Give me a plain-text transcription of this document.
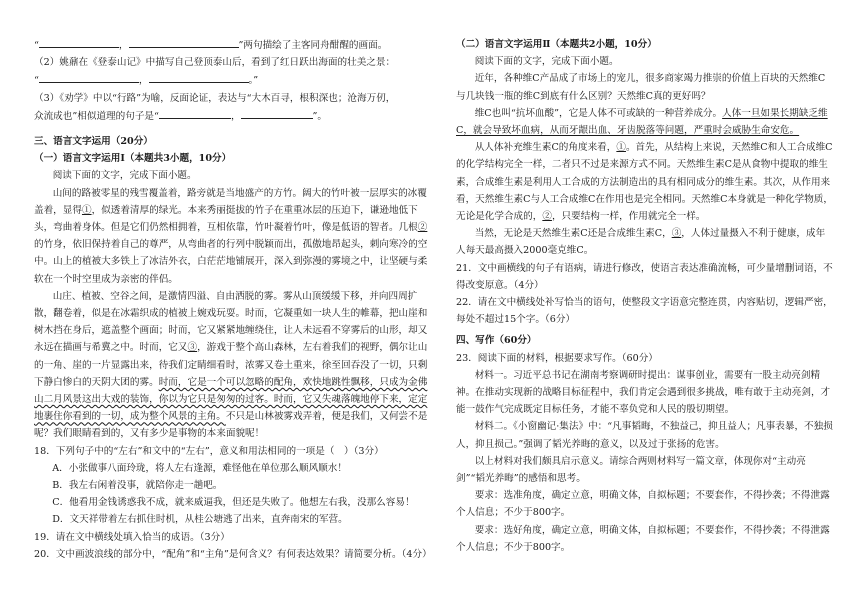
“	，	”两句描绘了主客同舟酣醒的画面。

（2）姚鼐在《登泰山记》中描写自己登顶泰山后，看到了红日跃出海面的壮美之景：

“	，	。”

（3）《劝学》中以“行路”为喻，反面论证，表达与“大木百寻，根积深也；沧海万仞，

众流成也”相似道理的句子是“	，	”。

三、语言文字运用（20分）

（一）语言文字运用Ⅰ（本题共3小题，10分）

阅读下面的文字，完成下面小题。

山间的路被零星的残雪覆盖着，路旁就是当地盛产的方竹。阔大的竹叶被一层厚实的冰覆盖着，显得①，似透着清厚的绿光。本来秀丽挺拔的竹子在重重冰层的压迫下，谦逊地低下头，弯曲着身体。但是它们仍然相拥着，互相依靠，竹叶凝着竹叶，像是低语的智者。几根②的竹身，依旧保持着自己的尊严，从弯曲者的行列中脱颖而出，孤傲地昂起头，刺向寒冷的空中。山上的植被大多铁上了冰洁外衣，白茫茫地铺展开，深入到弥漫的雾境之中，让坚硬与柔软在一个时空里成为亲密的伴侣。

山庄、植被、空谷之间，是激情四溢、自由洒脱的雾。雾从山顶缓缓下移，并向四周扩散，翻卷着，似是在冰霜织成的植被上婉戏玩耍。时而，它凝重如一块人生的帷幕，把山崖和树木挡在身后，遮盖整个画面；时而，它又紧紧地缠绕住，让人未远看不穿雾后的山形，却又永远在描画与希冀之中。时而，它又③，游戏于整个高山森林，左右着我们的视野，偶尔让山的一角、崖的一片显露出来，待我们定睛细看时，浓雾又卷土重来，徐至回吞没了一切，只剩下静白惨白的天阴大团的雾。时而，它是一个可以忽略的配角，欢快地跳性飘移，只成为金佛山二月风景这出大戏的装饰，你以为它只是匆匆的过客。时而，它又失魂落魄地停下来，定定地裹住你看到的一切，成为整个风景的主角。不只是山林被雾戏弄着，便是我们，又何尝不是呢？我们眼睛看到的，又有多少是事物的本来面貌呢！

18．下列句子中的“左右”和文中的“左右”，意义和用法相同的一项是（　）（3分）

A．小张做事八面玲珑，将人左右逢源，难怪他在单位那么顺风顺水！

B．我左右闲着没事，就陪你走一趟吧。

C．他看用金钱诱惑我不成，就来威逼我，但还是失败了。他想左右我，没那么容易！

D．文天祥带着左右抓住时机，从桂公塘逃了出来，直奔南宋的军营。

19．请在文中横线处填入恰当的成语。（3分）

20．文中画波浪线的部分中，“配角”和“主角”是何含义？有何表达效果？请简要分析。（4分）

（二）语言文字运用Ⅱ（本题共2小题，10分）

阅读下面的文字，完成下面小题。

近年，各种维C产品成了市场上的宠儿，很多商家竭力推崇的价值上百块的天然维C与几块钱一瓶的维C到底有什么区别？天然维C真的更好吗？

维C也叫“抗坏血酸”，它是人体不可或缺的一种营养成分。人体一旦如果长期缺乏维C，就会导致坏血病，从而牙龈出血、牙齿脱落等问题，严重时会威胁生命安危。

从人体补充维生素C的角度来看，①。首先，从结构上来说，天然维C和人工合成维C的化学结构完全一样，二者只不过是来源方式不同。天然维生素C是从食物中提取的维生素，合成维生素是利用人工合成的方法制造出的具有相同成分的维生素。其次，从作用来看，天然维生素C与人工合成维C在作用也是完全相同。天然维C本身就是一种化学物质，无论是化学合成的，②，只要结构一样，作用就完全一样。

当然，无论是天然维生素C还是合成维生素C，③，人体过量摄入不利于健康，成年人每天最高摄入2000毫克维C。

21．文中画横线的句子有语病，请进行修改，使语言表达准确流畅，可少量增删词语，不得改变原意。（4分）

22．请在文中横线处补写恰当的语句，使整段文字语意完整连贯，内容贴切，逻辑严密，每处不超过15个字。（6分）

四、写作（60分）

23．阅读下面的材料，根据要求写作。（60分）

材料一。习近平总书记在湖南考察调研时提出：谋事创业，需要有一股主动亮剑精神。在推动实现新的战略目标征程中，我们肯定会遇到很多挑战，唯有敢于主动亮剑，才能一鼓作气完成既定目标任务，才能不辜负党和人民的殷切期望。

材料二。《小窗幽记·集法》中：“凡事韬晦，不独益己，抑且益人；凡事表暴，不独损人，抑且损己。”强调了韬光养晦的意义，以及过于张扬的危害。

以上材料对我们颇具启示意义。请综合两则材料写一篇文章，体现你对“主动亮剑”“韬光养晦”的感悟和思考。

要求：选准角度，确定立意，明确文体，自拟标题；不要套作，不得抄袭；不得泄露个人信息；不少于800字。

要求：选好角度，确定立意，明确文体，自拟标题；不要套作，不得抄袭；不得泄露个人信息；不少于800字。
